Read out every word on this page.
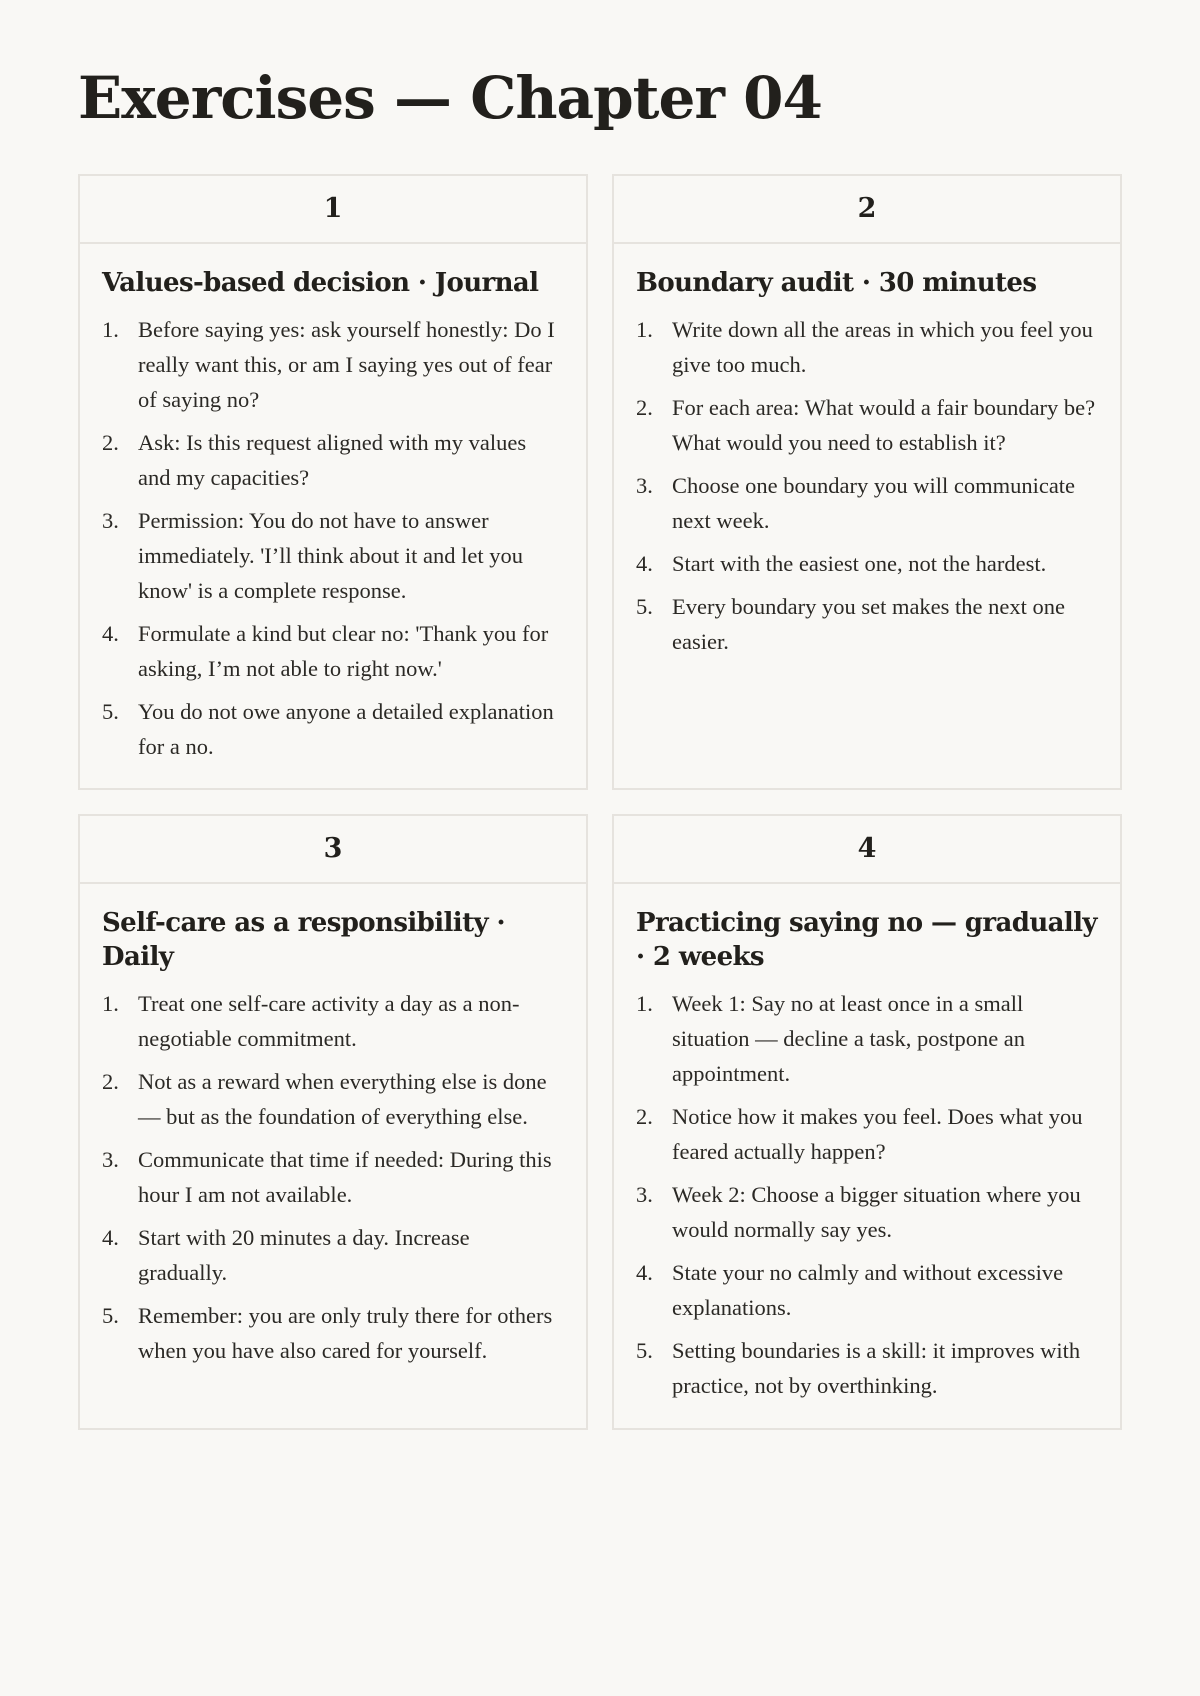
Exercises — Chapter 04
1
Values-based decision · Journal
1. Before saying yes: ask yourself honestly: Do I really want this, or am I saying yes out of fear of saying no?
2. Ask: Is this request aligned with my values and my capacities?
3. Permission: You do not have to answer immediately. 'I’ll think about it and let you know' is a complete response.
4. Formulate a kind but clear no: 'Thank you for asking, I’m not able to right now.'
5. You do not owe anyone a detailed explanation for a no.
2
Boundary audit · 30 minutes
1. Write down all the areas in which you feel you give too much.
2. For each area: What would a fair boundary be? What would you need to establish it?
3. Choose one boundary you will communicate next week.
4. Start with the easiest one, not the hardest.
5. Every boundary you set makes the next one easier.
3
Self-care as a responsibility · Daily
1. Treat one self-care activity a day as a non-negotiable commitment.
2. Not as a reward when everything else is done — but as the foundation of everything else.
3. Communicate that time if needed: During this hour I am not available.
4. Start with 20 minutes a day. Increase gradually.
5. Remember: you are only truly there for others when you have also cared for yourself.
4
Practicing saying no — gradually · 2 weeks
1. Week 1: Say no at least once in a small situation — decline a task, postpone an appointment.
2. Notice how it makes you feel. Does what you feared actually happen?
3. Week 2: Choose a bigger situation where you would normally say yes.
4. State your no calmly and without excessive explanations.
5. Setting boundaries is a skill: it improves with practice, not by overthinking.
